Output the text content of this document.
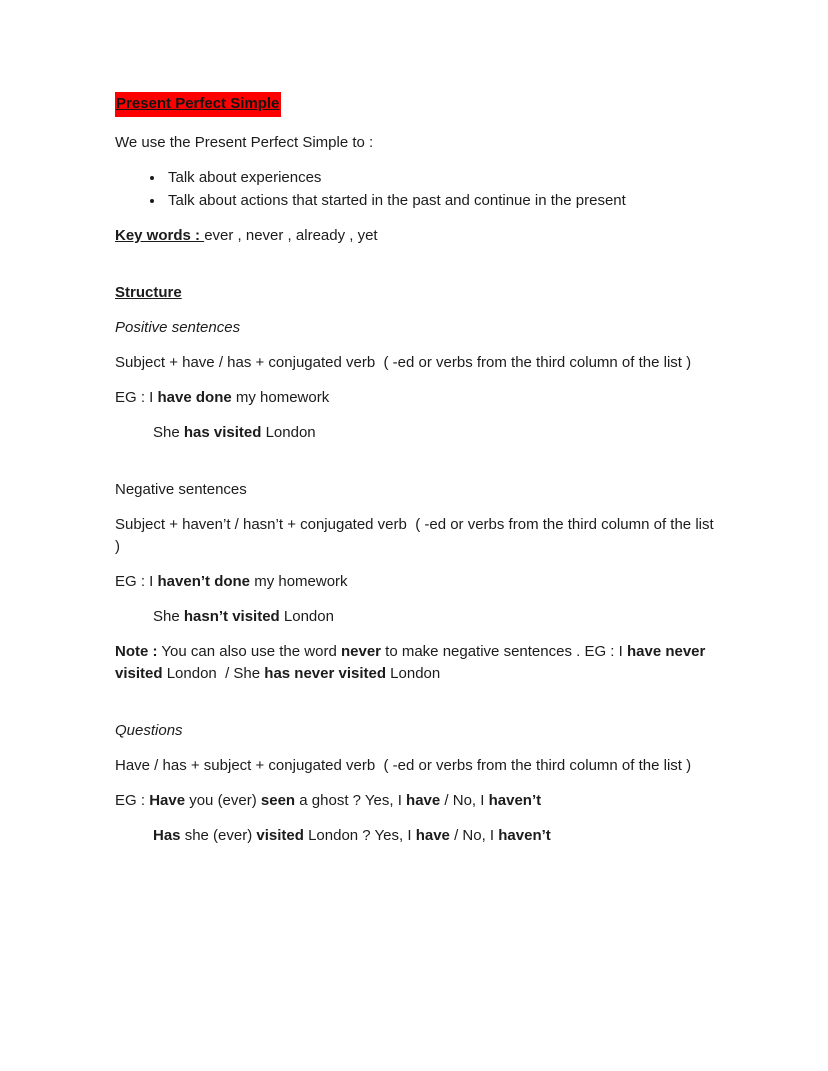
Present Perfect Simple

We use the Present Perfect Simple to :

• Talk about experiences
• Talk about actions that started in the past and continue in the present

Key words : ever , never , already , yet

Structure

Positive sentences

Subject + have / has + conjugated verb  ( -ed or verbs from the third column of the list )

EG : I have done my homework

She has visited London

Negative sentences

Subject + haven’t / hasn’t + conjugated verb  ( -ed or verbs from the third column of the list )

EG : I haven’t done my homework

She hasn’t visited London

Note : You can also use the word never to make negative sentences . EG : I have never visited London  / She has never visited London

Questions

Have / has + subject + conjugated verb  ( -ed or verbs from the third column of the list )

EG : Have you (ever) seen a ghost ? Yes, I have / No, I haven’t

Has she (ever) visited London ? Yes, I have / No, I haven’t
